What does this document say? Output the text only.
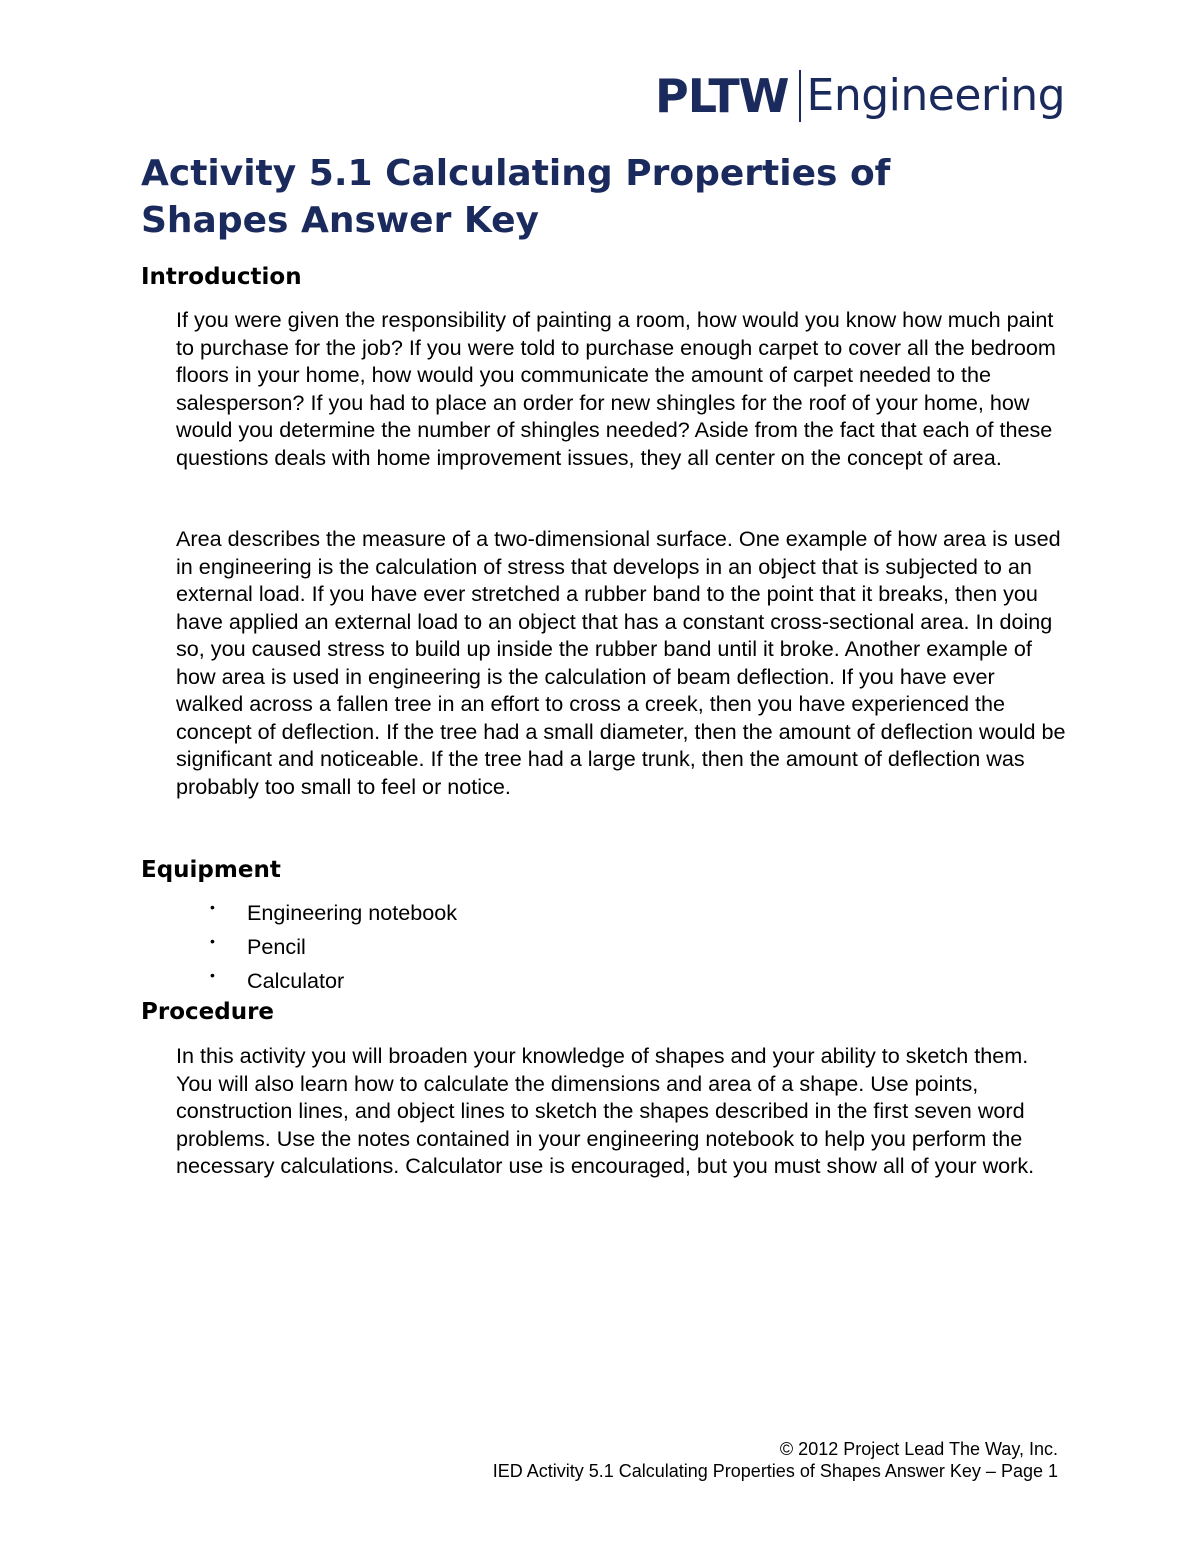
PLTW Engineering
Activity 5.1 Calculating Properties of Shapes Answer Key
Introduction

If you were given the responsibility of painting a room, how would you know how much paint to purchase for the job? If you were told to purchase enough carpet to cover all the bedroom floors in your home, how would you communicate the amount of carpet needed to the salesperson? If you had to place an order for new shingles for the roof of your home, how would you determine the number of shingles needed? Aside from the fact that each of these questions deals with home improvement issues, they all center on the concept of area.

Area describes the measure of a two-dimensional surface. One example of how area is used in engineering is the calculation of stress that develops in an object that is subjected to an external load. If you have ever stretched a rubber band to the point that it breaks, then you have applied an external load to an object that has a constant cross-sectional area. In doing so, you caused stress to build up inside the rubber band until it broke. Another example of how area is used in engineering is the calculation of beam deflection. If you have ever walked across a fallen tree in an effort to cross a creek, then you have experienced the concept of deflection. If the tree had a small diameter, then the amount of deflection would be significant and noticeable. If the tree had a large trunk, then the amount of deflection was probably too small to feel or notice.

Equipment
•	Engineering notebook
•	Pencil
•	Calculator
Procedure

In this activity you will broaden your knowledge of shapes and your ability to sketch them. You will also learn how to calculate the dimensions and area of a shape. Use points, construction lines, and object lines to sketch the shapes described in the first seven word problems. Use the notes contained in your engineering notebook to help you perform the necessary calculations. Calculator use is encouraged, but you must show all of your work.

© 2012 Project Lead The Way, Inc.
IED Activity 5.1 Calculating Properties of Shapes Answer Key – Page 1
